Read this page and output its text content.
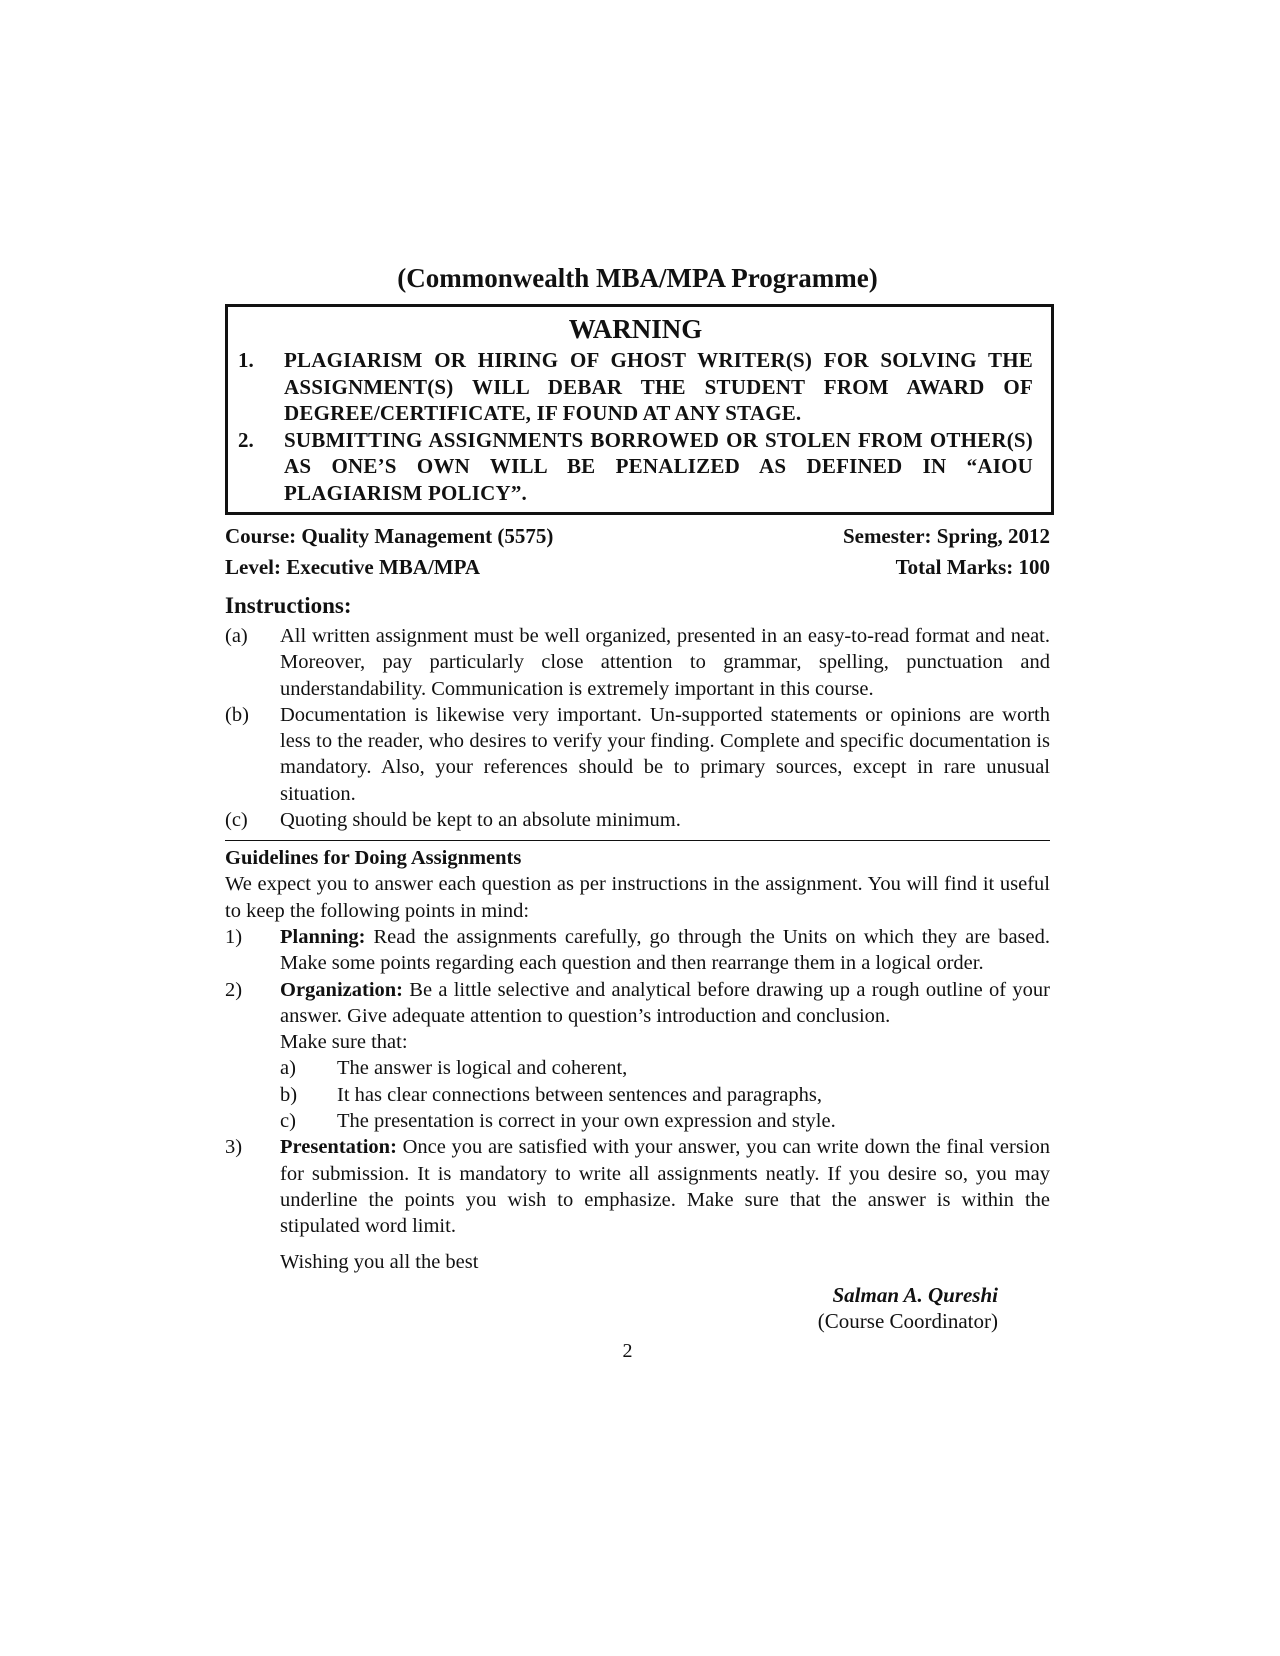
(Commonwealth MBA/MPA Programme)
WARNING
1.	PLAGIARISM OR HIRING OF GHOST WRITER(S) FOR SOLVING THE ASSIGNMENT(S) WILL DEBAR THE STUDENT FROM AWARD OF DEGREE/CERTIFICATE, IF FOUND AT ANY STAGE.
2.	SUBMITTING ASSIGNMENTS BORROWED OR STOLEN FROM OTHER(S) AS ONE’S OWN WILL BE PENALIZED AS DEFINED IN “AIOU PLAGIARISM POLICY”.
Course: Quality Management (5575)	Semester: Spring, 2012
Level: Executive MBA/MPA	Total Marks: 100
Instructions:
(a)	All written assignment must be well organized, presented in an easy-to-read format and neat. Moreover, pay particularly close attention to grammar, spelling, punctuation and understandability. Communication is extremely important in this course.
(b)	Documentation is likewise very important. Un-supported statements or opinions are worth less to the reader, who desires to verify your finding. Complete and specific documentation is mandatory. Also, your references should be to primary sources, except in rare unusual situation.
(c)	Quoting should be kept to an absolute minimum.
Guidelines for Doing Assignments
We expect you to answer each question as per instructions in the assignment. You will find it useful to keep the following points in mind:
1)	Planning: Read the assignments carefully, go through the Units on which they are based. Make some points regarding each question and then rearrange them in a logical order.
2)	Organization: Be a little selective and analytical before drawing up a rough outline of your answer. Give adequate attention to question’s introduction and conclusion.
Make sure that:
a)	The answer is logical and coherent,
b)	It has clear connections between sentences and paragraphs,
c)	The presentation is correct in your own expression and style.
3)	Presentation: Once you are satisfied with your answer, you can write down the final version for submission. It is mandatory to write all assignments neatly. If you desire so, you may underline the points you wish to emphasize. Make sure that the answer is within the stipulated word limit.
Wishing you all the best
Salman A. Qureshi
(Course Coordinator)
2
